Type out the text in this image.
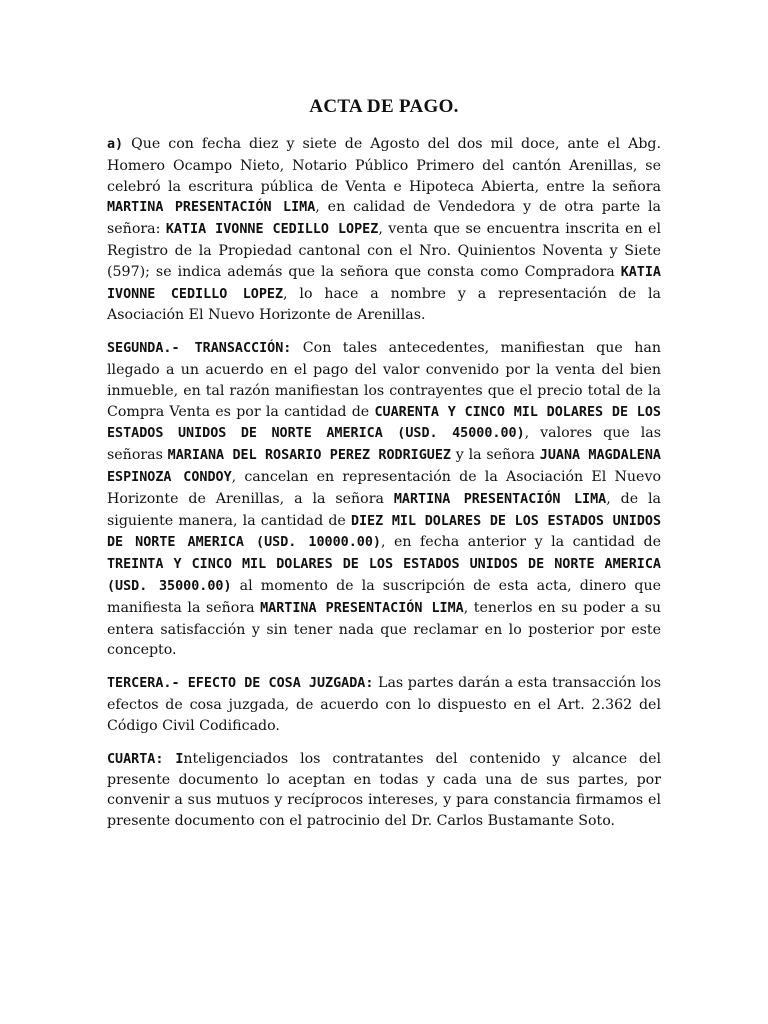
ACTA DE PAGO.

a) Que con fecha diez y siete de Agosto del dos mil doce, ante el Abg. Homero Ocampo Nieto, Notario Público Primero del cantón Arenillas, se celebró la escritura pública de Venta e Hipoteca Abierta, entre la señora MARTINA PRESENTACIÓN LIMA, en calidad de Vendedora y de otra parte la señora: KATIA IVONNE CEDILLO LOPEZ, venta que se encuentra inscrita en el Registro de la Propiedad cantonal con el Nro. Quinientos Noventa y Siete (597); se indica además que la señora que consta como Compradora KATIA IVONNE CEDILLO LOPEZ, lo hace a nombre y a representación de la Asociación El Nuevo Horizonte de Arenillas.

SEGUNDA.- TRANSACCIÓN: Con tales antecedentes, manifiestan que han llegado a un acuerdo en el pago del valor convenido por la venta del bien inmueble, en tal razón manifiestan los contrayentes que el precio total de la Compra Venta es por la cantidad de CUARENTA Y CINCO MIL DOLARES DE LOS ESTADOS UNIDOS DE NORTE AMERICA (USD. 45000.00), valores que las señoras MARIANA DEL ROSARIO PEREZ RODRIGUEZ y la señora JUANA MAGDALENA ESPINOZA CONDOY, cancelan en representación de la Asociación El Nuevo Horizonte de Arenillas, a la señora MARTINA PRESENTACIÓN LIMA, de la siguiente manera, la cantidad de DIEZ MIL DOLARES DE LOS ESTADOS UNIDOS DE NORTE AMERICA (USD. 10000.00), en fecha anterior y la cantidad de TREINTA Y CINCO MIL DOLARES DE LOS ESTADOS UNIDOS DE NORTE AMERICA (USD. 35000.00) al momento de la suscripción de esta acta, dinero que manifiesta la señora MARTINA PRESENTACIÓN LIMA, tenerlos en su poder a su entera satisfacción y sin tener nada que reclamar en lo posterior por este concepto.

TERCERA.- EFECTO DE COSA JUZGADA: Las partes darán a esta transacción los efectos de cosa juzgada, de acuerdo con lo dispuesto en el Art. 2.362 del Código Civil Codificado.

CUARTA: Inteligenciados los contratantes del contenido y alcance del presente documento lo aceptan en todas y cada una de sus partes, por convenir a sus mutuos y recíprocos intereses, y para constancia firmamos el presente documento con el patrocinio del Dr. Carlos Bustamante Soto.
